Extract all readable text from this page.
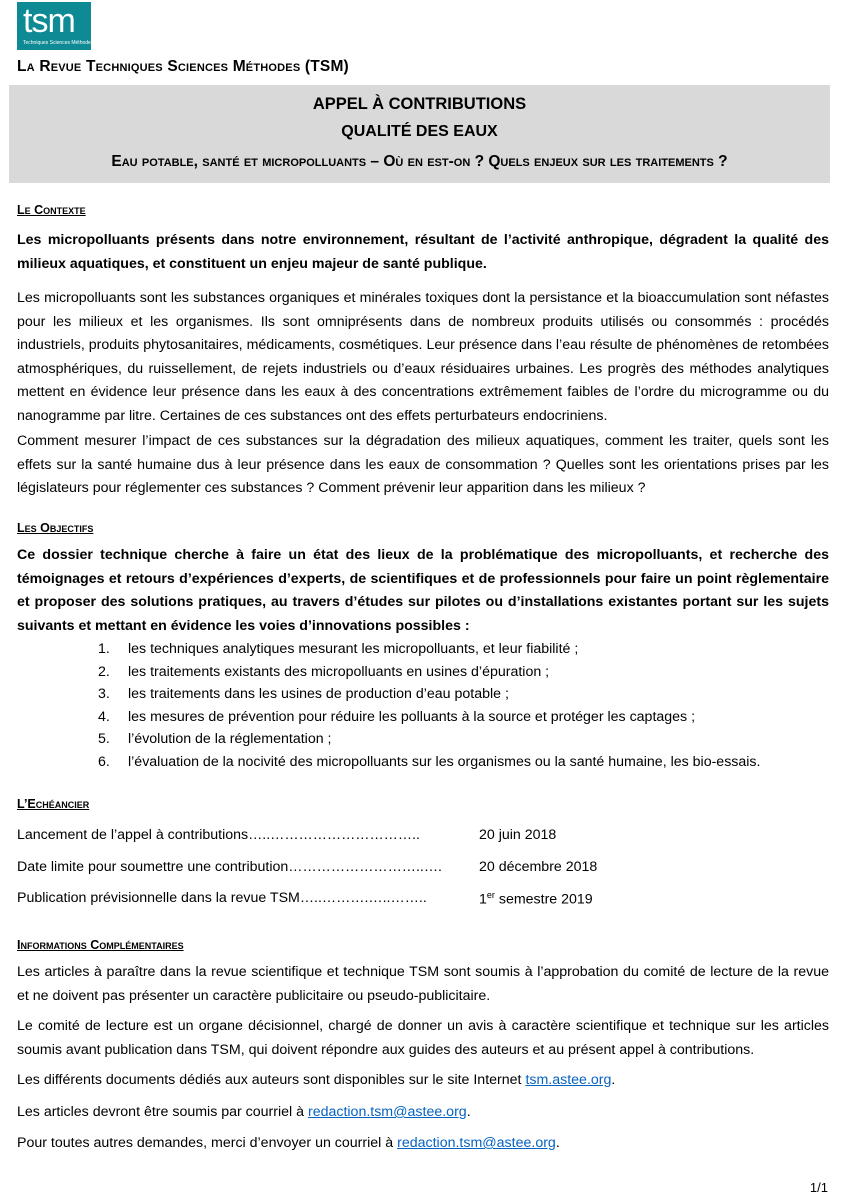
tsm
Techniques Sciences Méthodes
La Revue Techniques Sciences Méthodes (TSM)
APPEL À CONTRIBUTIONS
QUALITÉ DES EAUX
Eau potable, santé et micropolluants – Où en est-on ? Quels enjeux sur les traitements ?
Le Contexte

Les micropolluants présents dans notre environnement, résultant de l’activité anthropique, dégradent la qualité des milieux aquatiques, et constituent un enjeu majeur de santé publique.

Les micropolluants sont les substances organiques et minérales toxiques dont la persistance et la bioaccumulation sont néfastes pour les milieux et les organismes. Ils sont omniprésents dans de nombreux produits utilisés ou consommés : procédés industriels, produits phytosanitaires, médicaments, cosmétiques. Leur présence dans l’eau résulte de phénomènes de retombées atmosphériques, du ruissellement, de rejets industriels ou d’eaux résiduaires urbaines. Les progrès des méthodes analytiques mettent en évidence leur présence dans les eaux à des concentrations extrêmement faibles de l’ordre du microgramme ou du nanogramme par litre. Certaines de ces substances ont des effets perturbateurs endocriniens.

Comment mesurer l’impact de ces substances sur la dégradation des milieux aquatiques, comment les traiter, quels sont les effets sur la santé humaine dus à leur présence dans les eaux de consommation ? Quelles sont les orientations prises par les législateurs pour réglementer ces substances ? Comment prévenir leur apparition dans les milieux ?

Les Objectifs

Ce dossier technique cherche à faire un état des lieux de la problématique des micropolluants, et recherche des témoignages et retours d’expériences d’experts, de scientifiques et de professionnels pour faire un point règlementaire et proposer des solutions pratiques, au travers d’études sur pilotes ou d’installations existantes portant sur les sujets suivants et mettant en évidence les voies d’innovations possibles :

1. les techniques analytiques mesurant les micropolluants, et leur fiabilité ;
2. les traitements existants des micropolluants en usines d’épuration ;
3. les traitements dans les usines de production d’eau potable ;
4. les mesures de prévention pour réduire les polluants à la source et protéger les captages ;
5. l’évolution de la réglementation ;
6. l’évaluation de la nocivité des micropolluants sur les organismes ou la santé humaine, les bio-essais.
L’Echéancier
Lancement de l’appel à contributions…..…………………………..	20 juin 2018
Date limite pour soumettre une contribution………………………..….	20 décembre 2018
Publication prévisionnelle dans la revue TSM…..……….…..……..	1er semestre 2019
Informations Complémentaires

Les articles à paraître dans la revue scientifique et technique TSM sont soumis à l’approbation du comité de lecture de la revue et ne doivent pas présenter un caractère publicitaire ou pseudo-publicitaire.

Le comité de lecture est un organe décisionnel, chargé de donner un avis à caractère scientifique et technique sur les articles soumis avant publication dans TSM, qui doivent répondre aux guides des auteurs et au présent appel à contributions.

Les différents documents dédiés aux auteurs sont disponibles sur le site Internet tsm.astee.org.

Les articles devront être soumis par courriel à redaction.tsm@astee.org.

Pour toutes autres demandes, merci d’envoyer un courriel à redaction.tsm@astee.org.

1/1
